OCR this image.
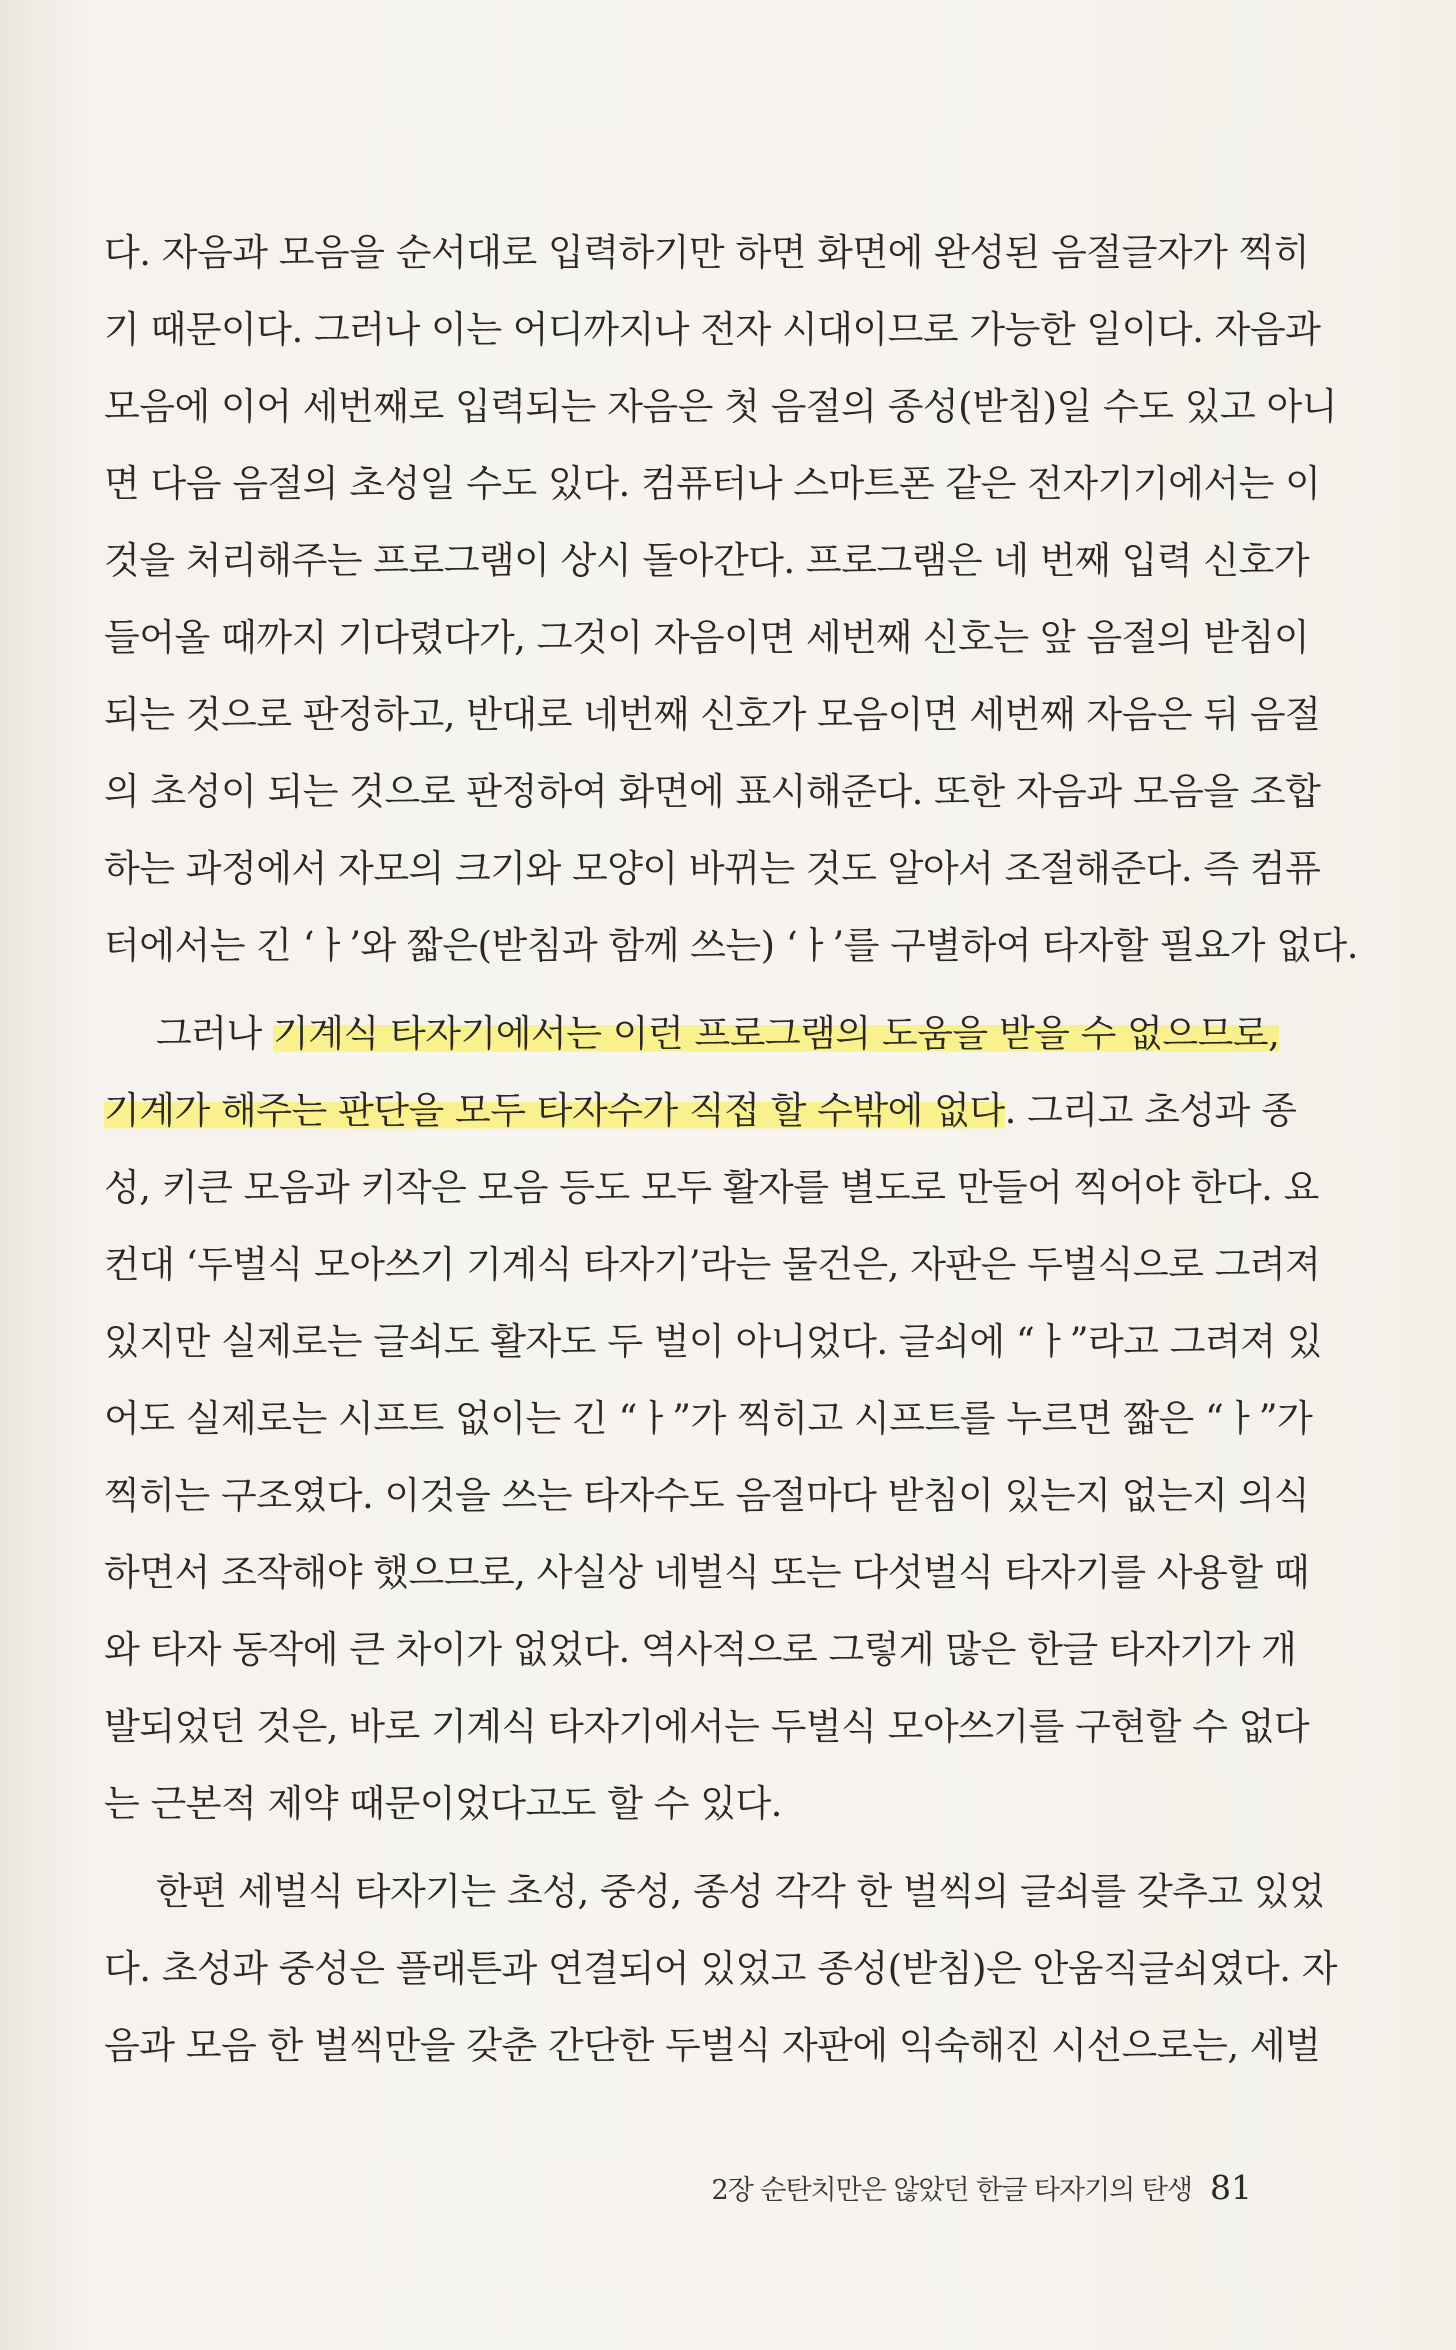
다. 자음과 모음을 순서대로 입력하기만 하면 화면에 완성된 음절글자가 찍히
기 때문이다. 그러나 이는 어디까지나 전자 시대이므로 가능한 일이다. 자음과
모음에 이어 세번째로 입력되는 자음은 첫 음절의 종성(받침)일 수도 있고 아니
면 다음 음절의 초성일 수도 있다. 컴퓨터나 스마트폰 같은 전자기기에서는 이
것을 처리해주는 프로그램이 상시 돌아간다. 프로그램은 네 번째 입력 신호가
들어올 때까지 기다렸다가, 그것이 자음이면 세번째 신호는 앞 음절의 받침이
되는 것으로 판정하고, 반대로 네번째 신호가 모음이면 세번째 자음은 뒤 음절
의 초성이 되는 것으로 판정하여 화면에 표시해준다. 또한 자음과 모음을 조합
하는 과정에서 자모의 크기와 모양이 바뀌는 것도 알아서 조절해준다. 즉 컴퓨
터에서는 긴 ‘ㅏ’와 짧은(받침과 함께 쓰는) ‘ㅏ’를 구별하여 타자할 필요가 없다.
그러나 기계식 타자기에서는 이런 프로그램의 도움을 받을 수 없으므로,
기계가 해주는 판단을 모두 타자수가 직접 할 수밖에 없다. 그리고 초성과 종
성, 키큰 모음과 키작은 모음 등도 모두 활자를 별도로 만들어 찍어야 한다. 요
컨대 ‘두벌식 모아쓰기 기계식 타자기’라는 물건은, 자판은 두벌식으로 그려져
있지만 실제로는 글쇠도 활자도 두 벌이 아니었다. 글쇠에 “ㅏ”라고 그려져 있
어도 실제로는 시프트 없이는 긴 “ㅏ”가 찍히고 시프트를 누르면 짧은 “ㅏ”가
찍히는 구조였다. 이것을 쓰는 타자수도 음절마다 받침이 있는지 없는지 의식
하면서 조작해야 했으므로, 사실상 네벌식 또는 다섯벌식 타자기를 사용할 때
와 타자 동작에 큰 차이가 없었다. 역사적으로 그렇게 많은 한글 타자기가 개
발되었던 것은, 바로 기계식 타자기에서는 두벌식 모아쓰기를 구현할 수 없다
는 근본적 제약 때문이었다고도 할 수 있다.
한편 세벌식 타자기는 초성, 중성, 종성 각각 한 벌씩의 글쇠를 갖추고 있었
다. 초성과 중성은 플래튼과 연결되어 있었고 종성(받침)은 안움직글쇠였다. 자
음과 모음 한 벌씩만을 갖춘 간단한 두벌식 자판에 익숙해진 시선으로는, 세벌
2장 순탄치만은 않았던 한글 타자기의 탄생 81
